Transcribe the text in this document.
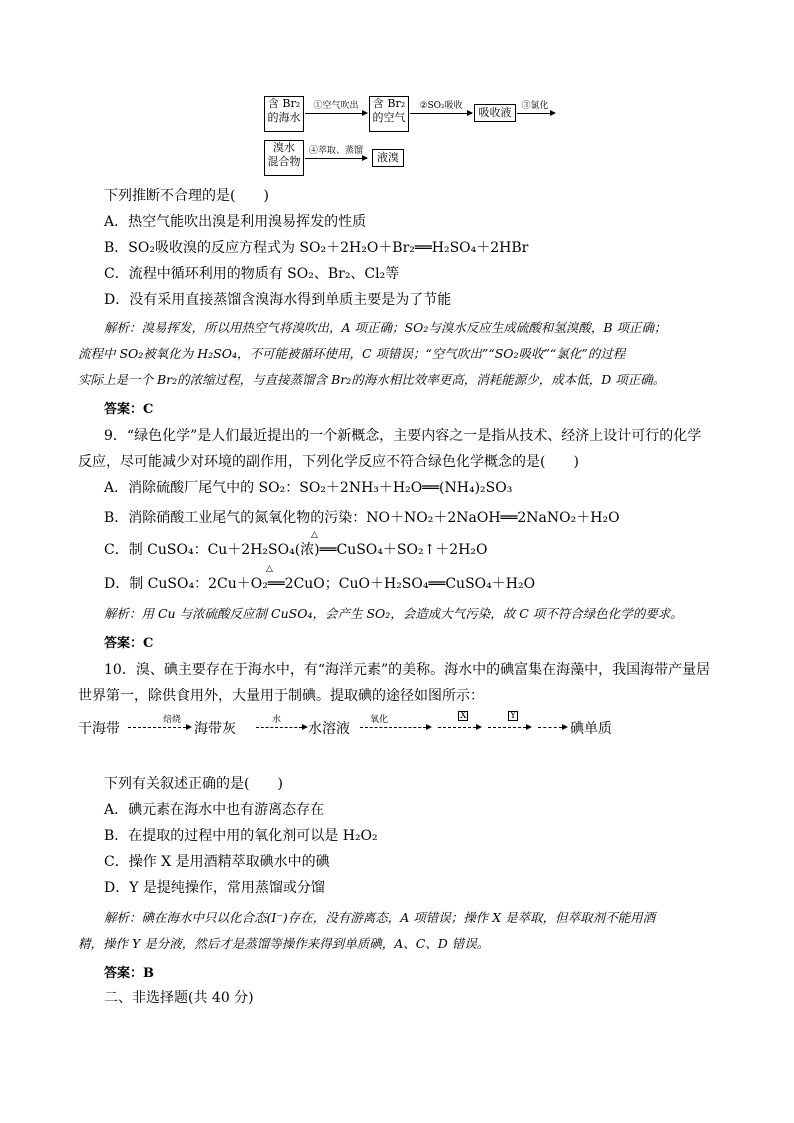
含 Br₂
的海水
①空气吹出	含 Br₂
的空气
②SO₂吸收	吸收液	③氯化
溴水
混合物
④萃取、蒸馏	液溴
下列推断不合理的是(　　)
A．热空气能吹出溴是利用溴易挥发的性质
B．SO₂吸收溴的反应方程式为 SO₂＋2H₂O＋Br₂══H₂SO₄＋2HBr
C．流程中循环利用的物质有 SO₂、Br₂、Cl₂等
D．没有采用直接蒸馏含溴海水得到单质主要是为了节能
解析：溴易挥发，所以用热空气将溴吹出，A 项正确；SO₂与溴水反应生成硫酸和氢溴酸，B 项正确；
流程中 SO₂被氧化为 H₂SO₄，不可能被循环使用，C 项错误；“空气吹出”“SO₂吸收”“氯化”的过程
实际上是一个 Br₂的浓缩过程，与直接蒸馏含 Br₂的海水相比效率更高，消耗能源少，成本低，D 项正确。
答案：C
9．“绿色化学”是人们最近提出的一个新概念，主要内容之一是指从技术、经济上设计可行的化学
反应，尽可能减少对环境的副作用，下列化学反应不符合绿色化学概念的是(　　)
A．消除硫酸厂尾气中的 SO₂：SO₂＋2NH₃＋H₂O══(NH₄)₂SO₃
B．消除硝酸工业尾气的氮氧化物的污染：NO＋NO₂＋2NaOH══2NaNO₂＋H₂O
△
C．制 CuSO₄：Cu＋2H₂SO₄(浓)══CuSO₄＋SO₂↑＋2H₂O
△
D．制 CuSO₄：2Cu＋O₂══2CuO；CuO＋H₂SO₄══CuSO₄＋H₂O
解析：用 Cu 与浓硫酸反应制 CuSO₄，会产生 SO₂，会造成大气污染，故 C 项不符合绿色化学的要求。
答案：C
10．溴、碘主要存在于海水中，有“海洋元素”的美称。海水中的碘富集在海藻中，我国海带产量居
世界第一，除供食用外，大量用于制碘。提取碘的途径如图所示：
干海带
焙烧
海带灰
水
水溶液
氧化	X	Y
碘单质
下列有关叙述正确的是(　　)
A．碘元素在海水中也有游离态存在
B．在提取的过程中用的氧化剂可以是 H₂O₂
C．操作 X 是用酒精萃取碘水中的碘
D．Y 是提纯操作，常用蒸馏或分馏
解析：碘在海水中只以化合态(I⁻)存在，没有游离态，A 项错误；操作 X 是萃取，但萃取剂不能用酒
精，操作 Y 是分液，然后才是蒸馏等操作来得到单质碘，A、C、D 错误。
答案：B
二、非选择题(共 40 分)
